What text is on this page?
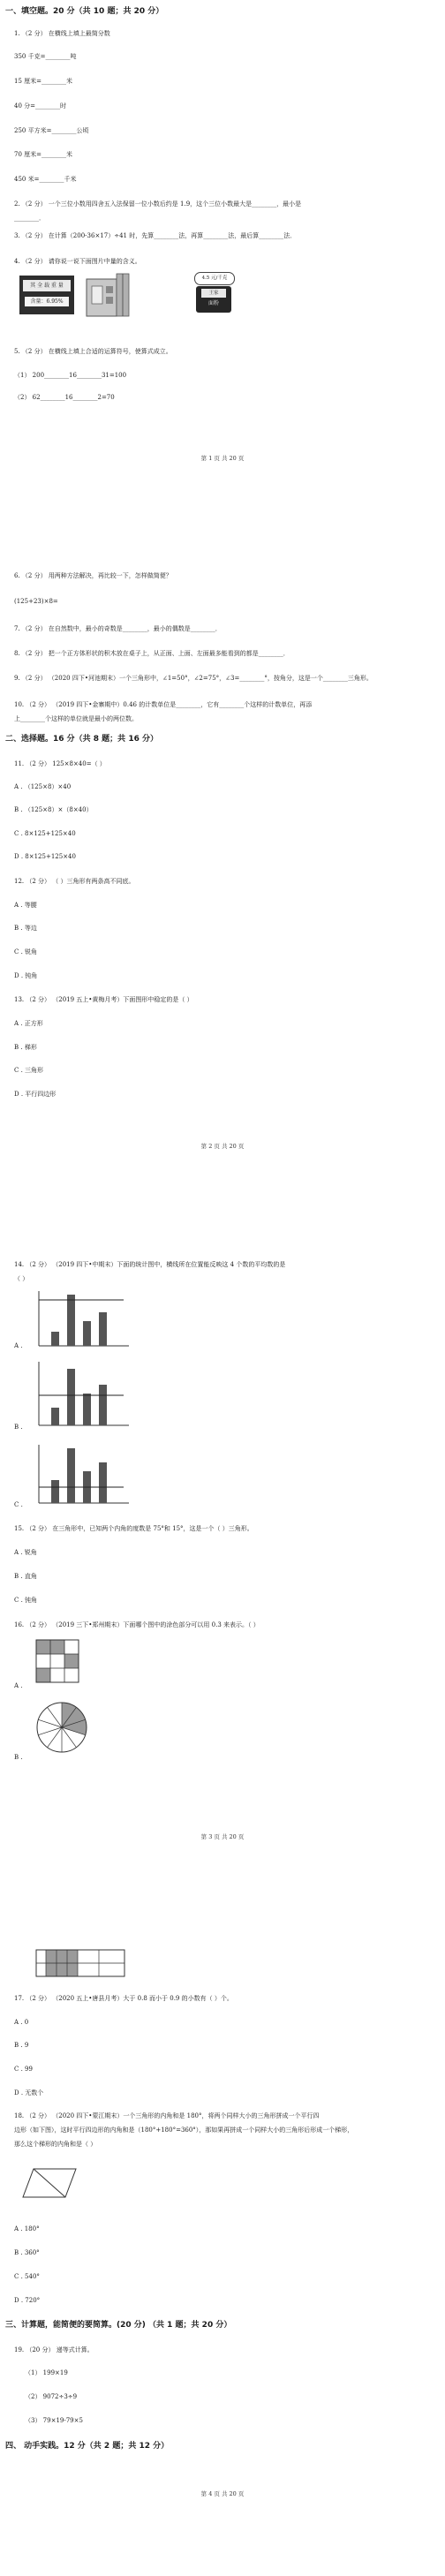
一、填空题。20 分（共 10 题；共 20 分）
1. （2 分） 在横线上填上最简分数
350 千克=________吨
15 厘米=________米
40 分=________时
250 平方米=________公顷
70 厘米=________米
450 米=________千米
2. （2 分） 一个三位小数用四舍五入法保留一位小数后约是 1.9，这个三位小数最大是________，最小是
________．
3. （2 分） 在计算（200-36×17）÷41 时，先算________法，再算________法，最后算________法．
4. （2 分） 请你说一说下面图片中量的含义。
其 全 载 重 量
含量：6.95%
4.5 元/千克
王家
面粉
5. （2 分） 在横线上填上合适的运算符号，使算式成立。
（1） 200________16________31=100
（2） 62________16________2=70
第 1 页 共 20 页
6. （2 分） 用两种方法解决，再比较一下，怎样做简便？
(125+23)×8=
7. （2 分） 在自然数中，最小的奇数是________，最小的偶数是________．
8. （2 分） 把一个正方体形状的积木放在桌子上，从正面、上面、左面最多能看到的都是________．
9. （2 分） （2020 四下•河池期末）一个三角形中，∠1=50°，∠2=75°，∠3=________°，按角分，这是一个________三角形。
10. （2 分） （2019 四下•金寨期中）0.46 的计数单位是________，它有________个这样的计数单位，再添
上________个这样的单位就是最小的两位数。
二、选择题。16 分（共 8 题；共 16 分）
11. （2 分） 125×8×40=（ ）
A . （125×8）×40
B . （125×8）×（8×40）
C . 8×125+125×40
D . 8×125+125×40
12. （2 分） （ ）三角形有两条高不同底。
A . 等腰
B . 等边
C . 锐角
D . 钝角
13. （2 分） （2019 五上•黄梅月考）下面图形中稳定的是（ ）
A . 正方形
B . 梯形
C . 三角形
D . 平行四边形
第 2 页 共 20 页
14. （2 分） （2019 四下•中期末）下面的统计图中，横线所在位置能反映这 4 个数的平均数的是
（ ）
A .
B .
C .
15. （2 分） 在三角形中，已知两个内角的度数是 75°和 15°，这是一个（ ）三角形。
A . 锐角
B . 直角
C . 钝角
16. （2 分） （2019 三下•郑州期末）下面哪个图中的涂色部分可以用 0.3 来表示。（ ）
A .
B .
第 3 页 共 20 页
17. （2 分） （2020 五上•唐县月考）大于 0.8 而小于 0.9 的小数有（ ）个。
A . 0
B . 9
C . 99
D . 无数个
18. （2 分） （2020 四下•蒙江期末）一个三角形的内角和是 180°，将两个同样大小的三角形拼成一个平行四
边形（如下图），这时平行四边形的内角和是（180°+180°=360°），那如果再拼成一个同样大小的三角形后形成一个梯形，
那么这个梯形的内角和是（ ）
A . 180°
B . 360°
C . 540°
D . 720°
三、计算题，能简便的要简算。(20 分) （共 1 题；共 20 分）
19. （20 分） 递等式计算。
（1） 199×19
（2） 9072÷3÷9
（3） 79×19-79×5
四、 动手实践。12 分（共 2 题；共 12 分）
第 4 页 共 20 页
